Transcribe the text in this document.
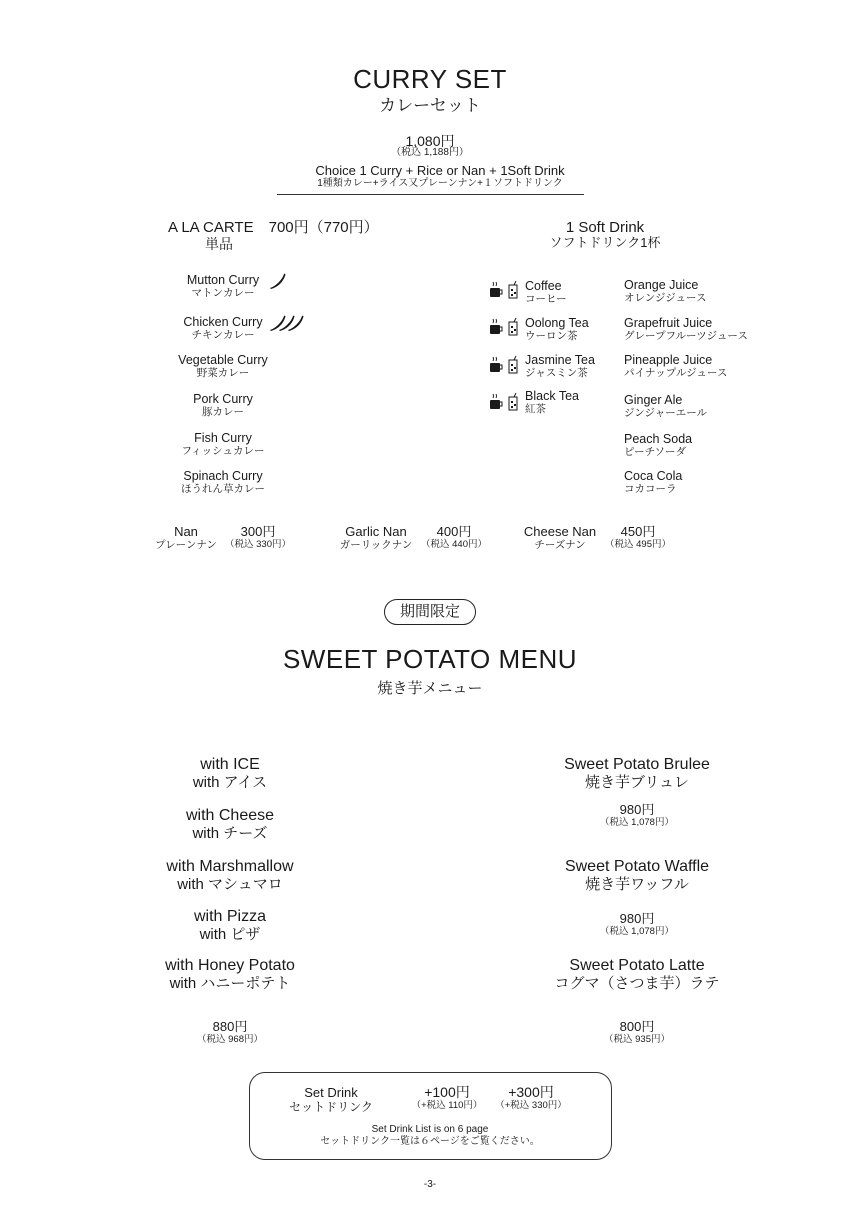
CURRY SET
カレーセット
1,080円
（税込 1,188円）
Choice 1 Curry + Rice or Nan + 1Soft Drink
1種類カレー+ライス又プレーンナン+１ソフトドリンク
A LA CARTE　700円（770円）
単品
Mutton Curry
マトンカレー
Chicken Curry
チキンカレー
Vegetable Curry
野菜カレー
Pork Curry
豚カレー
Fish Curry
フィッシュカレー
Spinach Curry
ほうれん草カレー
1 Soft Drink
ソフトドリンク1杯
Coffee
コーヒー
Oolong Tea
ウーロン茶
Jasmine Tea
ジャスミン茶
Black Tea
紅茶
Orange Juice
オレンジジュース
Grapefruit Juice
グレープフルーツジュース
Pineapple Juice
パイナップルジュース
Ginger Ale
ジンジャーエール
Peach Soda
ピーチソーダ
Coca Cola
コカコーラ
Nan
プレーンナン
300円
（税込 330円）
Garlic Nan
ガーリックナン
400円
（税込 440円）
Cheese Nan
チーズナン
450円
（税込 495円）
期間限定
SWEET POTATO MENU
焼き芋メニュー
with ICE
with アイス
with Cheese
with チーズ
with Marshmallow
with マシュマロ
with Pizza
with ピザ
with Honey Potato
with ハニーポテト
880円
（税込 968円）
Sweet Potato Brulee
焼き芋ブリュレ
980円
（税込 1,078円）
Sweet Potato Waffle
焼き芋ワッフル
980円
（税込 1,078円）
Sweet Potato Latte
コグマ（さつま芋）ラテ
800円
（税込 935円）
Set Drink
セットドリンク
+100円
（+税込 110円）
+300円
（+税込 330円）
Set Drink List is on 6 page
セットドリンク一覧は６ページをご覧ください。
-3-
